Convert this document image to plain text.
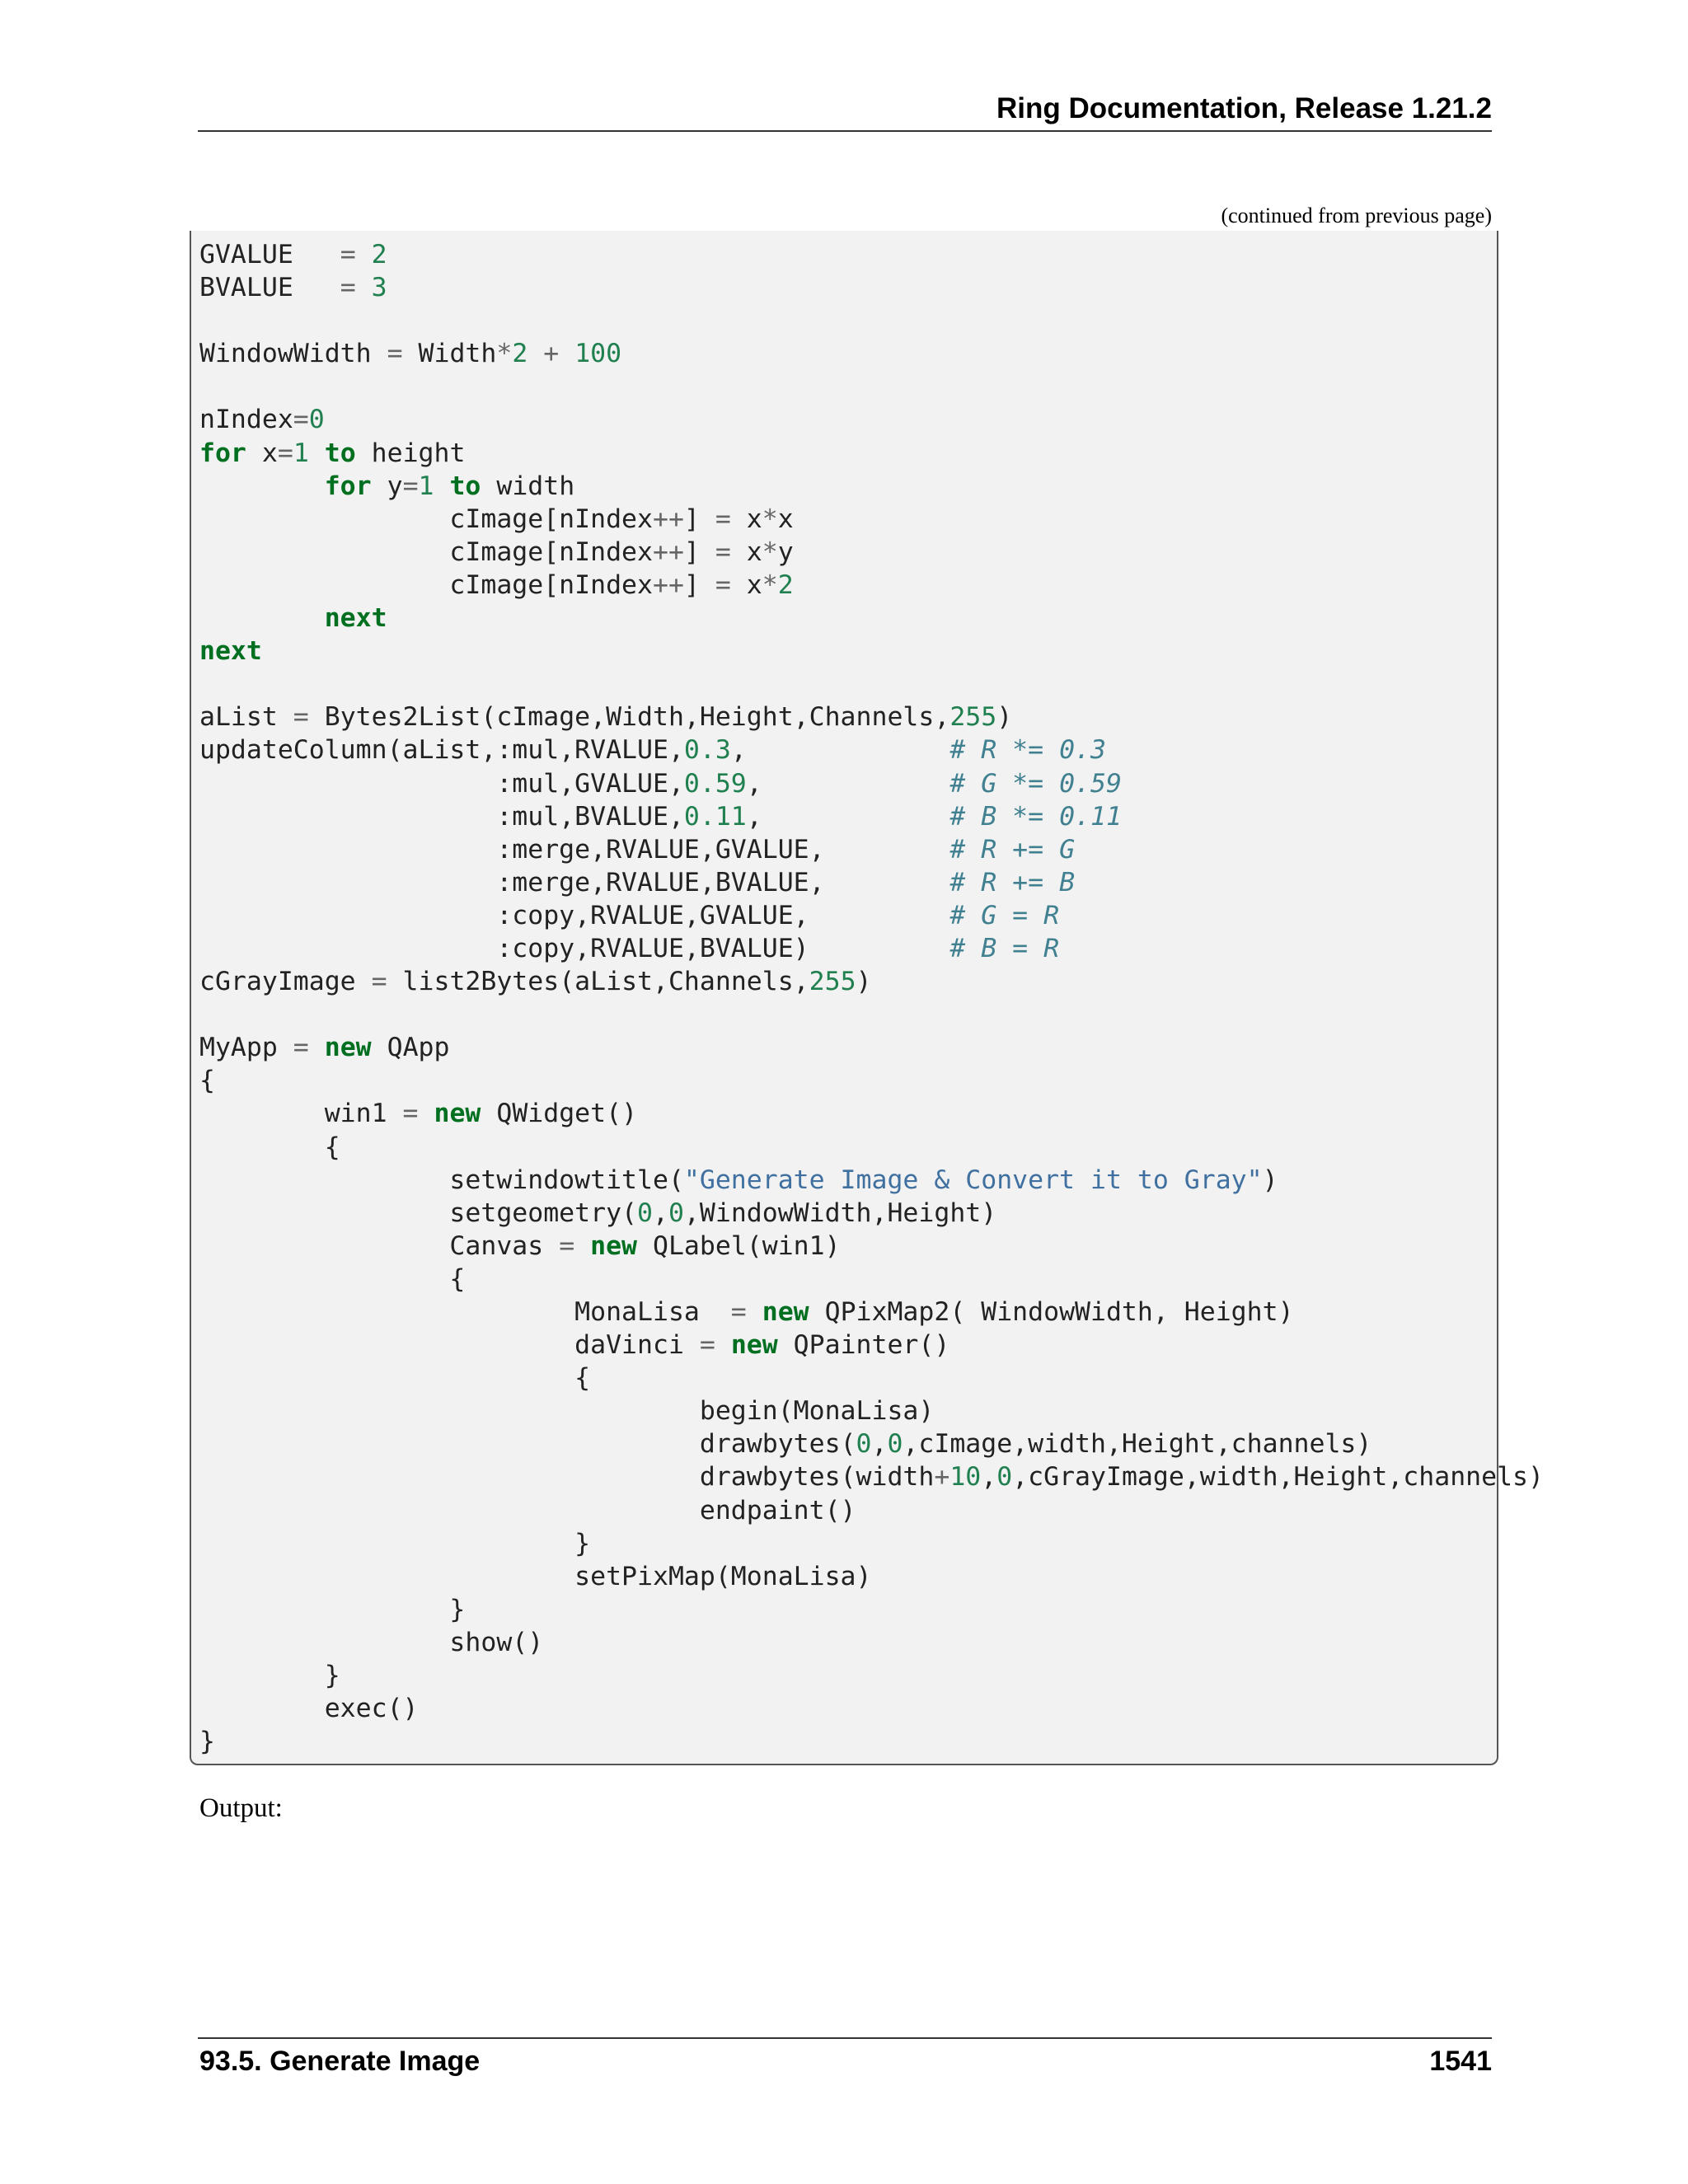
Ring Documentation, Release 1.21.2
(continued from previous page)
GVALUE   = 2
BVALUE   = 3
WindowWidth = Width*2 + 100
nIndex=0
for x=1 to height
for y=1 to width
cImage[nIndex++] = x*x
cImage[nIndex++] = x*y
cImage[nIndex++] = x*2
next
next
aList = Bytes2List(cImage,Width,Height,Channels,255)
updateColumn(aList,:mul,RVALUE,0.3,             # R *= 0.3
:mul,GVALUE,0.59,            # G *= 0.59
:mul,BVALUE,0.11,            # B *= 0.11
:merge,RVALUE,GVALUE,        # R += G
:merge,RVALUE,BVALUE,        # R += B
:copy,RVALUE,GVALUE,         # G = R
:copy,RVALUE,BVALUE)         # B = R
cGrayImage = list2Bytes(aList,Channels,255)
MyApp = new QApp
{
win1 = new QWidget()
{
setwindowtitle("Generate Image & Convert it to Gray")
setgeometry(0,0,WindowWidth,Height)
Canvas = new QLabel(win1)
{
MonaLisa  = new QPixMap2( WindowWidth, Height)
daVinci = new QPainter()
{
begin(MonaLisa)
drawbytes(0,0,cImage,width,Height,channels)
drawbytes(width+10,0,cGrayImage,width,Height,channels)
endpaint()
}
setPixMap(MonaLisa)
}
show()
}
exec()
}
Output:
93.5. Generate Image	1541
